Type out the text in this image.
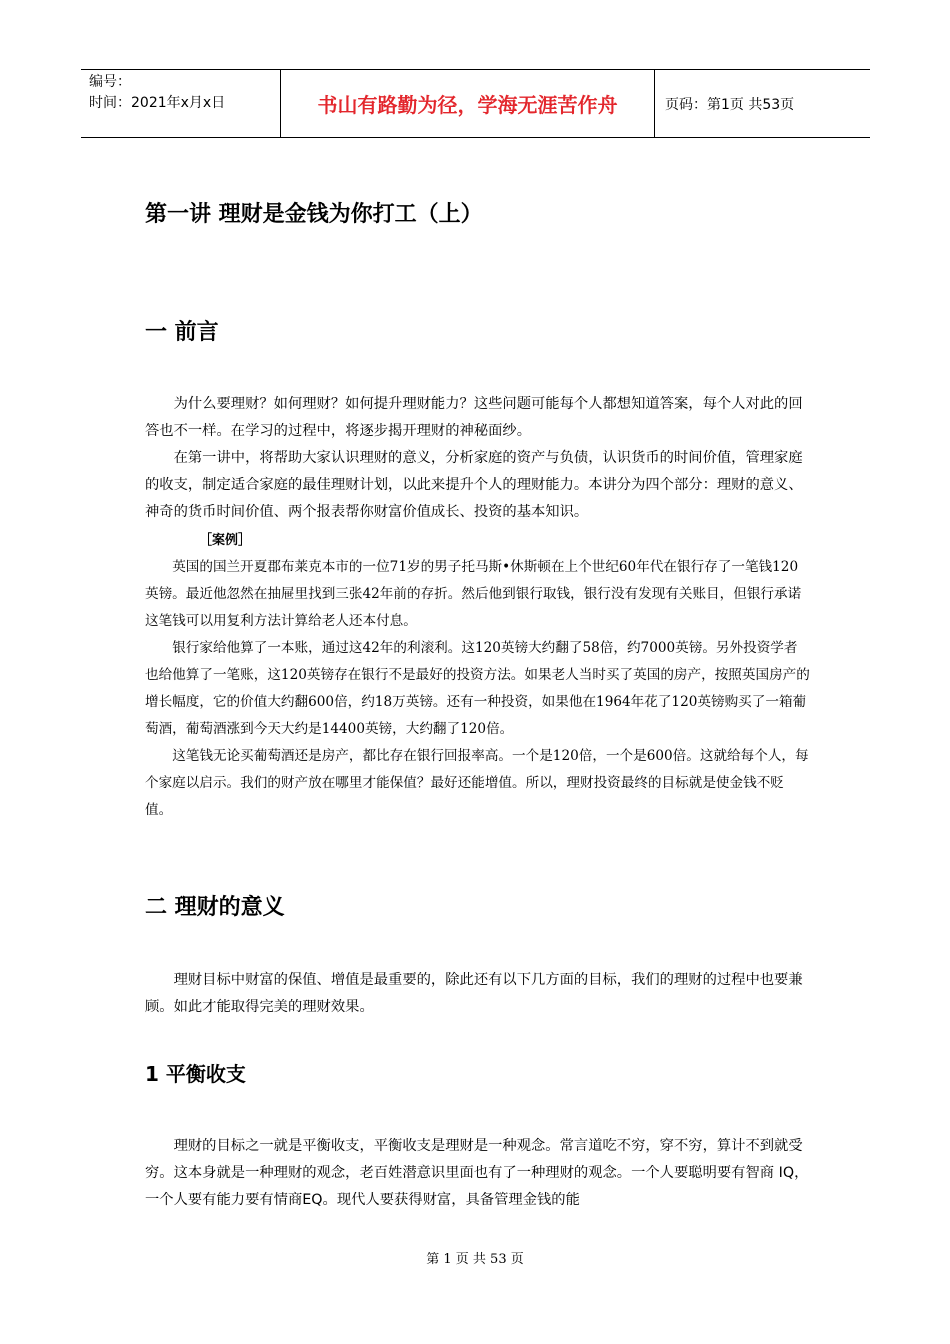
编号：
时间：2021年x月x日	书山有路勤为径，学海无涯苦作舟	页码：第1页 共53页
第一讲 理财是金钱为你打工（上）
一 前言

为什么要理财？如何理财？如何提升理财能力？这些问题可能每个人都想知道答案，每个人对此的回答也不一样。在学习的过程中，将逐步揭开理财的神秘面纱。

在第一讲中，将帮助大家认识理财的意义，分析家庭的资产与负债，认识货币的时间价值，管理家庭的收支，制定适合家庭的最佳理财计划，以此来提升个人的理财能力。本讲分为四个部分：理财的意义、神奇的货币时间价值、两个报表帮你财富价值成长、投资的基本知识。

［案例］

英国的国兰开夏郡布莱克本市的一位71岁的男子托马斯•休斯顿在上个世纪60年代在银行存了一笔钱120英镑。最近他忽然在抽屉里找到三张42年前的存折。然后他到银行取钱，银行没有发现有关账目，但银行承诺这笔钱可以用复利方法计算给老人还本付息。

银行家给他算了一本账，通过这42年的利滚利。这120英镑大约翻了58倍，约7000英镑。另外投资学者也给他算了一笔账，这120英镑存在银行不是最好的投资方法。如果老人当时买了英国的房产，按照英国房产的增长幅度，它的价值大约翻600倍，约18万英镑。还有一种投资，如果他在1964年花了120英镑购买了一箱葡萄酒，葡萄酒涨到今天大约是14400英镑，大约翻了120倍。

这笔钱无论买葡萄酒还是房产，都比存在银行回报率高。一个是120倍，一个是600倍。这就给每个人，每个家庭以启示。我们的财产放在哪里才能保值？最好还能增值。所以，理财投资最终的目标就是使金钱不贬值。

二 理财的意义

理财目标中财富的保值、增值是最重要的，除此还有以下几方面的目标，我们的理财的过程中也要兼顾。如此才能取得完美的理财效果。

1 平衡收支

理财的目标之一就是平衡收支，平衡收支是理财是一种观念。常言道吃不穷，穿不穷，算计不到就受穷。这本身就是一种理财的观念，老百姓潜意识里面也有了一种理财的观念。一个人要聪明要有智商 IQ，一个人要有能力要有情商EQ。现代人要获得财富，具备管理金钱的能

第 1 页 共 53 页
